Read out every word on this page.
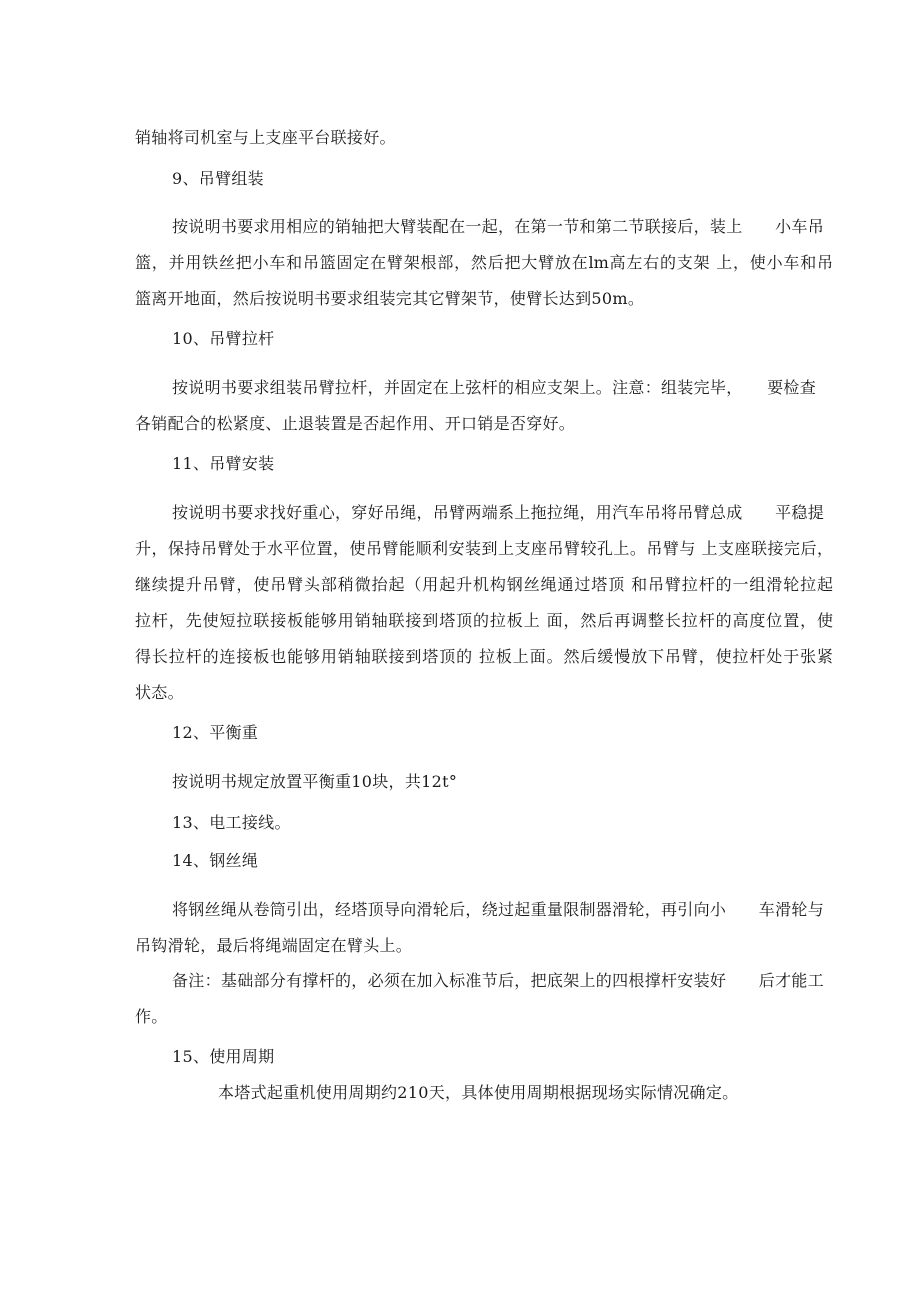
销轴将司机室与上支座平台联接好。
9、吊臂组装
按说明书要求用相应的销轴把大臂装配在一起，在第一节和第二节联接后，装上　　小车吊
篮，并用铁丝把小车和吊篮固定在臂架根部，然后把大臂放在lm高左右的支架 上，使小车和吊
篮离开地面，然后按说明书要求组装完其它臂架节，使臂长达到50m。
10、吊臂拉杆
按说明书要求组装吊臂拉杆，并固定在上弦杆的相应支架上。注意：组装完毕，　　要检查
各销配合的松紧度、止退装置是否起作用、开口销是否穿好。
11、吊臂安装
按说明书要求找好重心，穿好吊绳，吊臂两端系上拖拉绳，用汽车吊将吊臂总成　　平稳提
升，保持吊臂处于水平位置，使吊臂能顺利安装到上支座吊臂较孔上。吊臂与 上支座联接完后，
继续提升吊臂，使吊臂头部稍微抬起（用起升机构钢丝绳通过塔顶 和吊臂拉杆的一组滑轮拉起
拉杆，先使短拉联接板能够用销轴联接到塔顶的拉板上 面，然后再调整长拉杆的高度位置，使
得长拉杆的连接板也能够用销轴联接到塔顶的 拉板上面。然后缓慢放下吊臂，使拉杆处于张紧
状态。
12、平衡重
按说明书规定放置平衡重10块，共12t°
13、电工接线。
14、钢丝绳
将钢丝绳从卷筒引出，经塔顶导向滑轮后，绕过起重量限制器滑轮，再引向小　　车滑轮与
吊钩滑轮，最后将绳端固定在臂头上。
备注：基础部分有撑杆的，必须在加入标准节后，把底架上的四根撑杆安装好　　后才能工
作。
15、使用周期
本塔式起重机使用周期约210天，具体使用周期根据现场实际情况确定。
